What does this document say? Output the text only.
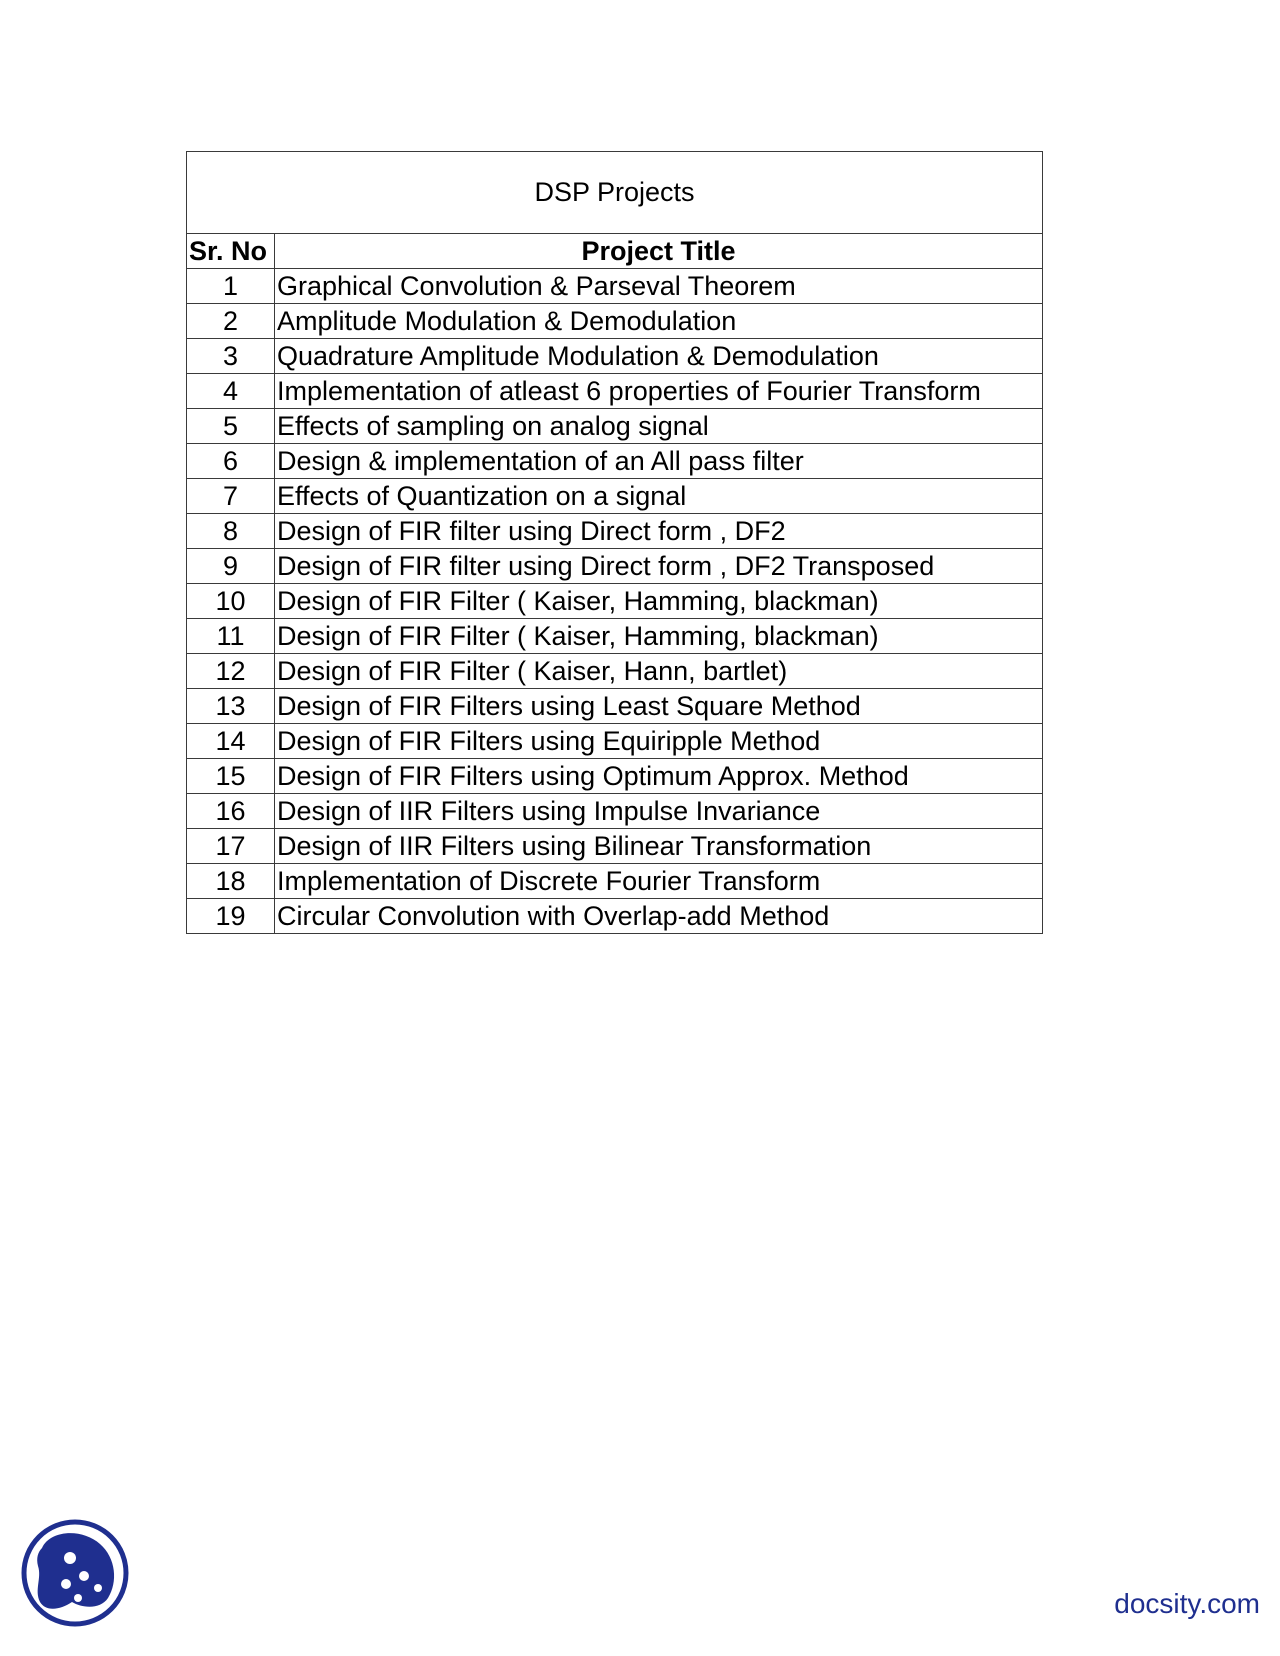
DSP Projects	
Sr. No	Project Title
1	Graphical Convolution & Parseval Theorem
2	Amplitude Modulation & Demodulation
3	Quadrature Amplitude Modulation & Demodulation
4	Implementation of atleast 6 properties of Fourier Transform
5	Effects of sampling on analog signal
6	Design & implementation of an All pass filter
7	Effects of Quantization on a signal
8	Design of FIR filter using Direct form , DF2
9	Design of FIR filter using Direct form , DF2 Transposed
10	Design of FIR Filter ( Kaiser, Hamming, blackman)
11	Design of FIR Filter ( Kaiser, Hamming, blackman)
12	Design of FIR Filter ( Kaiser, Hann, bartlet)
13	Design of FIR Filters using Least Square Method
14	Design of FIR Filters using Equiripple Method
15	Design of FIR Filters using Optimum Approx. Method
16	Design of IIR Filters using Impulse Invariance
17	Design of IIR Filters using Bilinear Transformation
18	Implementation of Discrete Fourier Transform
19	Circular Convolution with Overlap-add Method
docsity.com
